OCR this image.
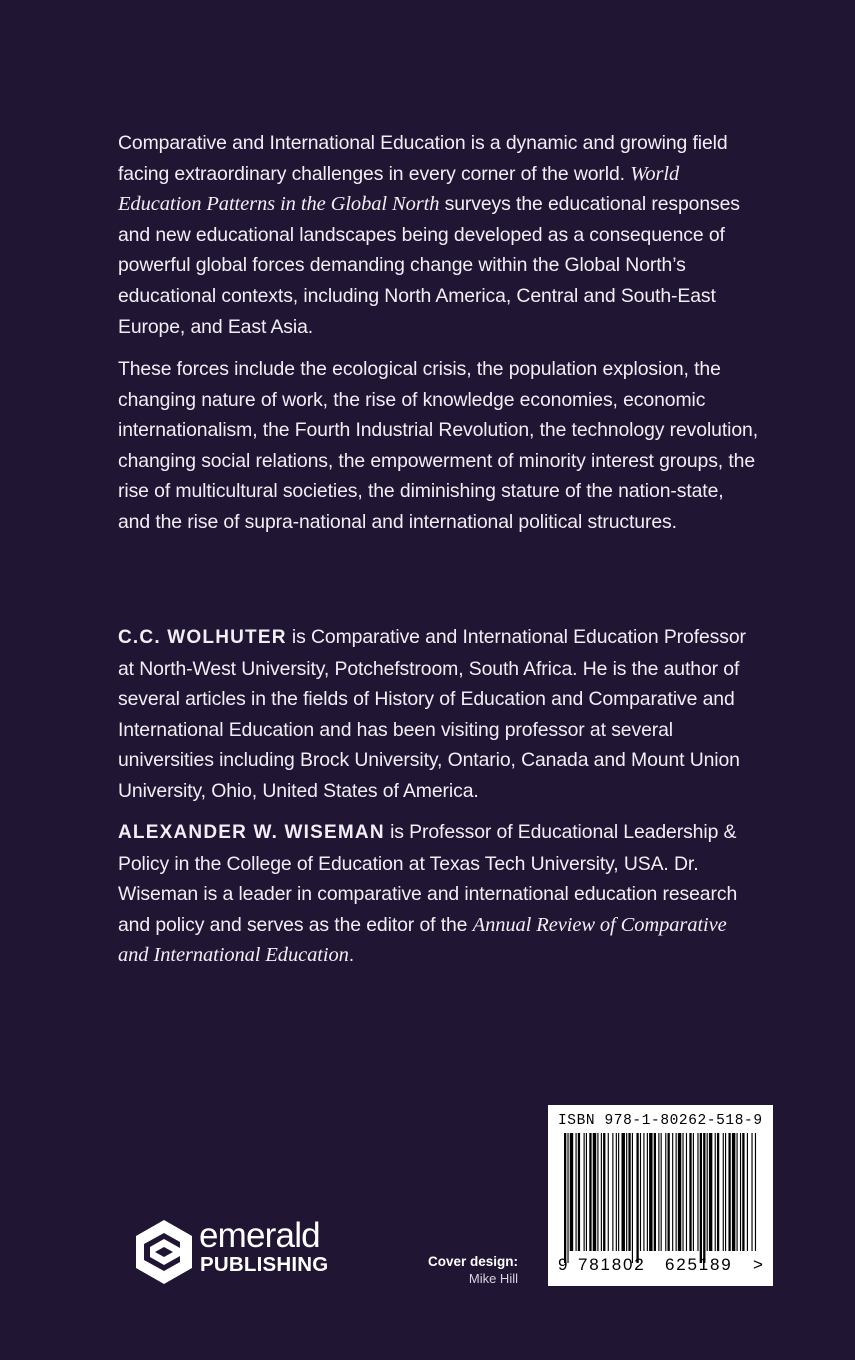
Comparative and International Education is a dynamic and growing field facing extraordinary challenges in every corner of the world. World Education Patterns in the Global North surveys the educational responses and new educational landscapes being developed as a consequence of powerful global forces demanding change within the Global North’s educational contexts, including North America, Central and South-East Europe, and East Asia.

These forces include the ecological crisis, the population explosion, the changing nature of work, the rise of knowledge economies, economic internationalism, the Fourth Industrial Revolution, the technology revolution, changing social relations, the empowerment of minority interest groups, the rise of multicultural societies, the diminishing stature of the nation-state, and the rise of supra-national and international political structures.

C.C. WOLHUTER is Comparative and International Education Professor at North-West University, Potchefstroom, South Africa. He is the author of several articles in the fields of History of Education and Comparative and International Education and has been visiting professor at several universities including Brock University, Ontario, Canada and Mount Union University, Ohio, United States of America.

ALEXANDER W. WISEMAN is Professor of Educational Leadership & Policy in the College of Education at Texas Tech University, USA. Dr. Wiseman is a leader in comparative and international education research and policy and serves as the editor of the Annual Review of Comparative and International Education.

emerald
PUBLISHING	Cover design:
Mike Hill
ISBN 978-1-80262-518-9
9 781802 625189 >
